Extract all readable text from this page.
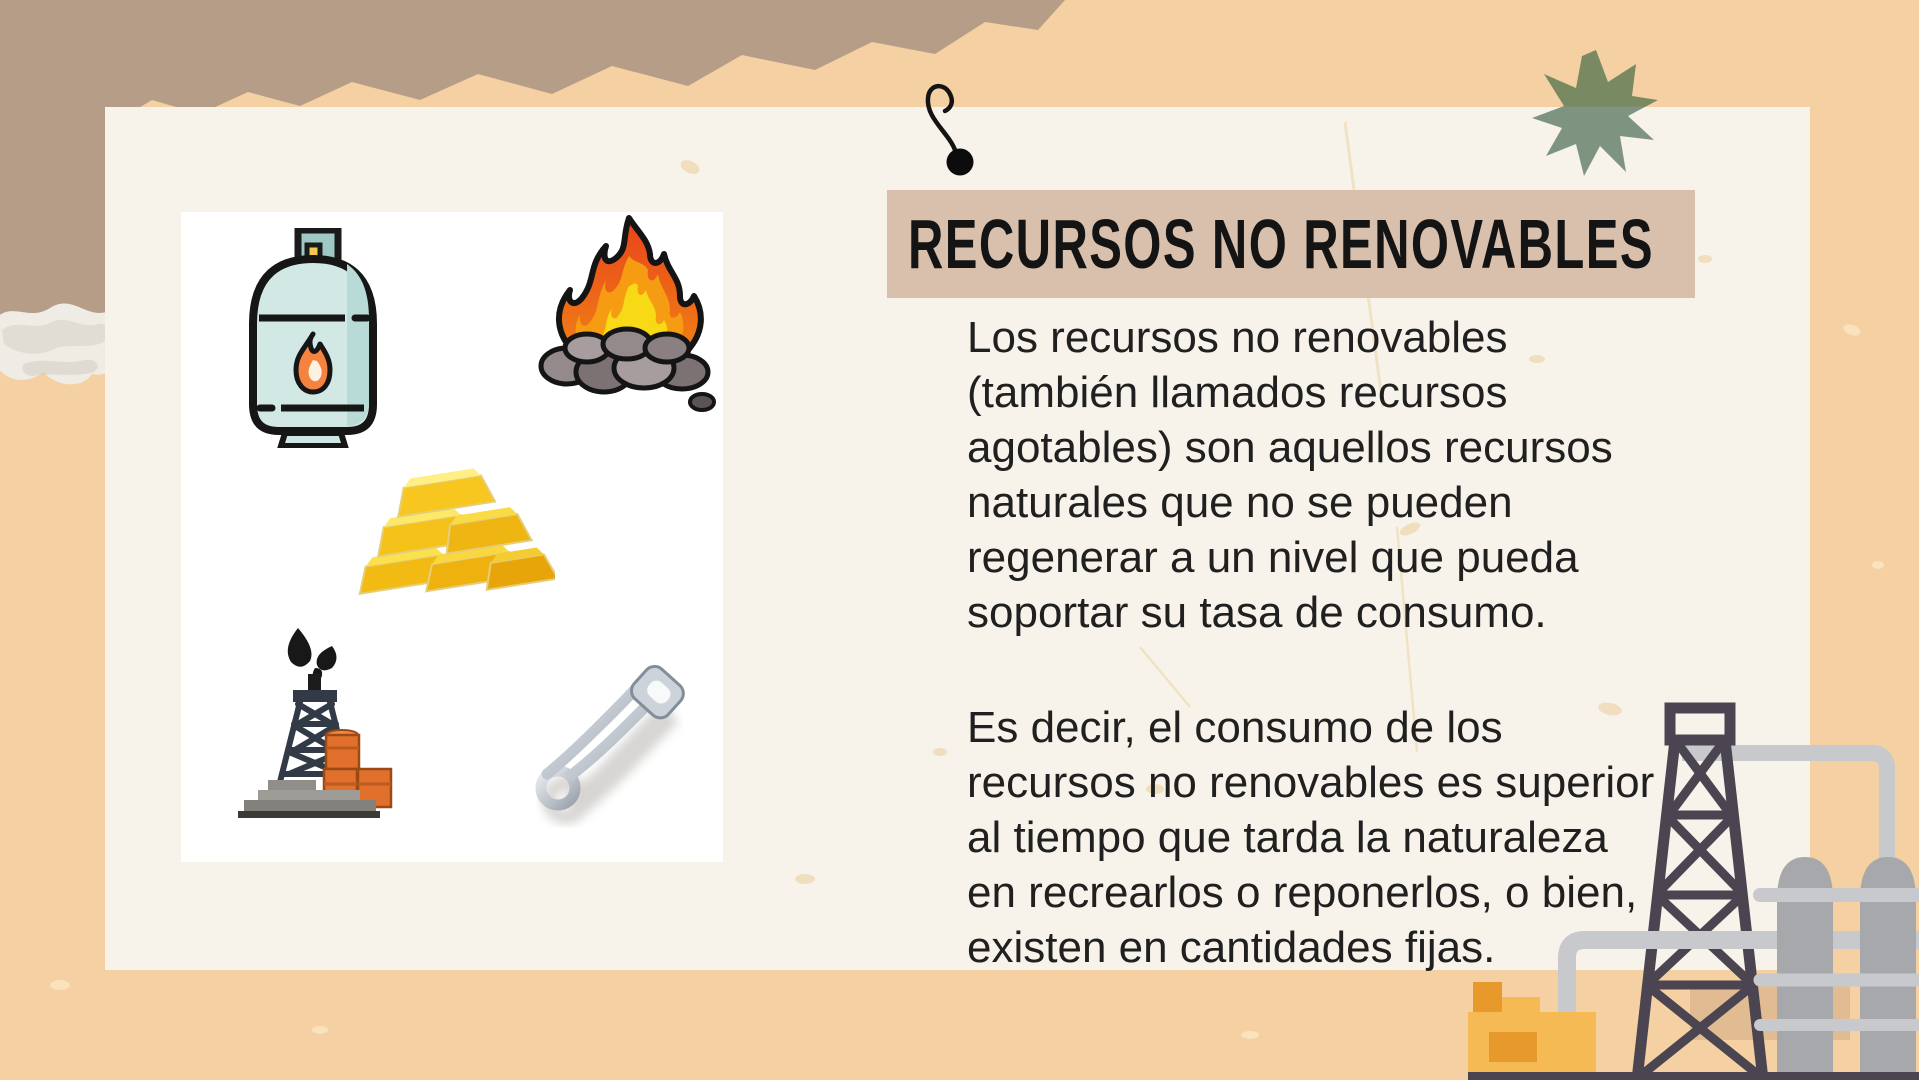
RECURSOS NO RENOVABLES
Los recursos no renovables
(también llamados recursos
agotables) son aquellos recursos
naturales que no se pueden
regenerar a un nivel que pueda
soportar su tasa de consumo.
Es decir, el consumo de los
recursos no renovables es superior
al tiempo que tarda la naturaleza
en recrearlos o reponerlos, o bien,
existen en cantidades fijas.
